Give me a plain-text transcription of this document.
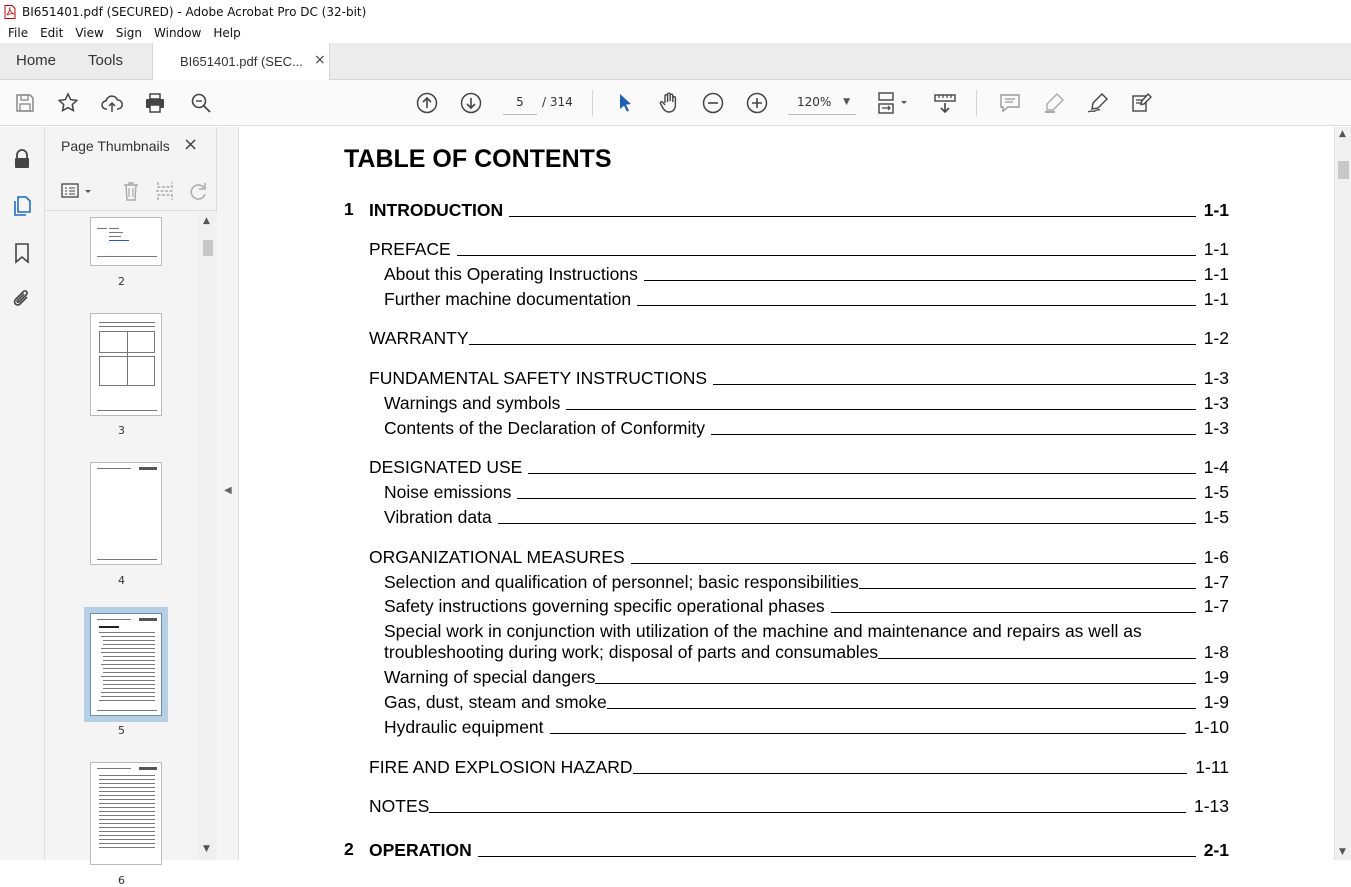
BI651401.pdf (SECURED) - Adobe Acrobat Pro DC (32-bit)
File Edit View Sign Window Help
Home Tools	BI651401.pdf (SEC... ×
5	/ 314	120% ▼
Page Thumbnails ×
2
3
4
5
6
▲
▼
◀
TABLE OF CONTENTS
1 INTRODUCTION	1-1
PREFACE	1-1
About this Operating Instructions	1-1
Further machine documentation	1-1
WARRANTY	1-2
FUNDAMENTAL SAFETY INSTRUCTIONS	1-3
Warnings and symbols	1-3
Contents of the Declaration of Conformity	1-3
DESIGNATED USE	1-4
Noise emissions	1-5
Vibration data	1-5
ORGANIZATIONAL MEASURES	1-6
Selection and qualification of personnel; basic responsibilities	1-7
Safety instructions governing specific operational phases	1-7
Special work in conjunction with utilization of the machine and maintenance and repairs as well as
troubleshooting during work; disposal of parts and consumables	1-8
Warning of special dangers	1-9
Gas, dust, steam and smoke	1-9
Hydraulic equipment	1-10
FIRE AND EXPLOSION HAZARD	1-11
NOTES	1-13
2 OPERATION	2-1
▲
▼
